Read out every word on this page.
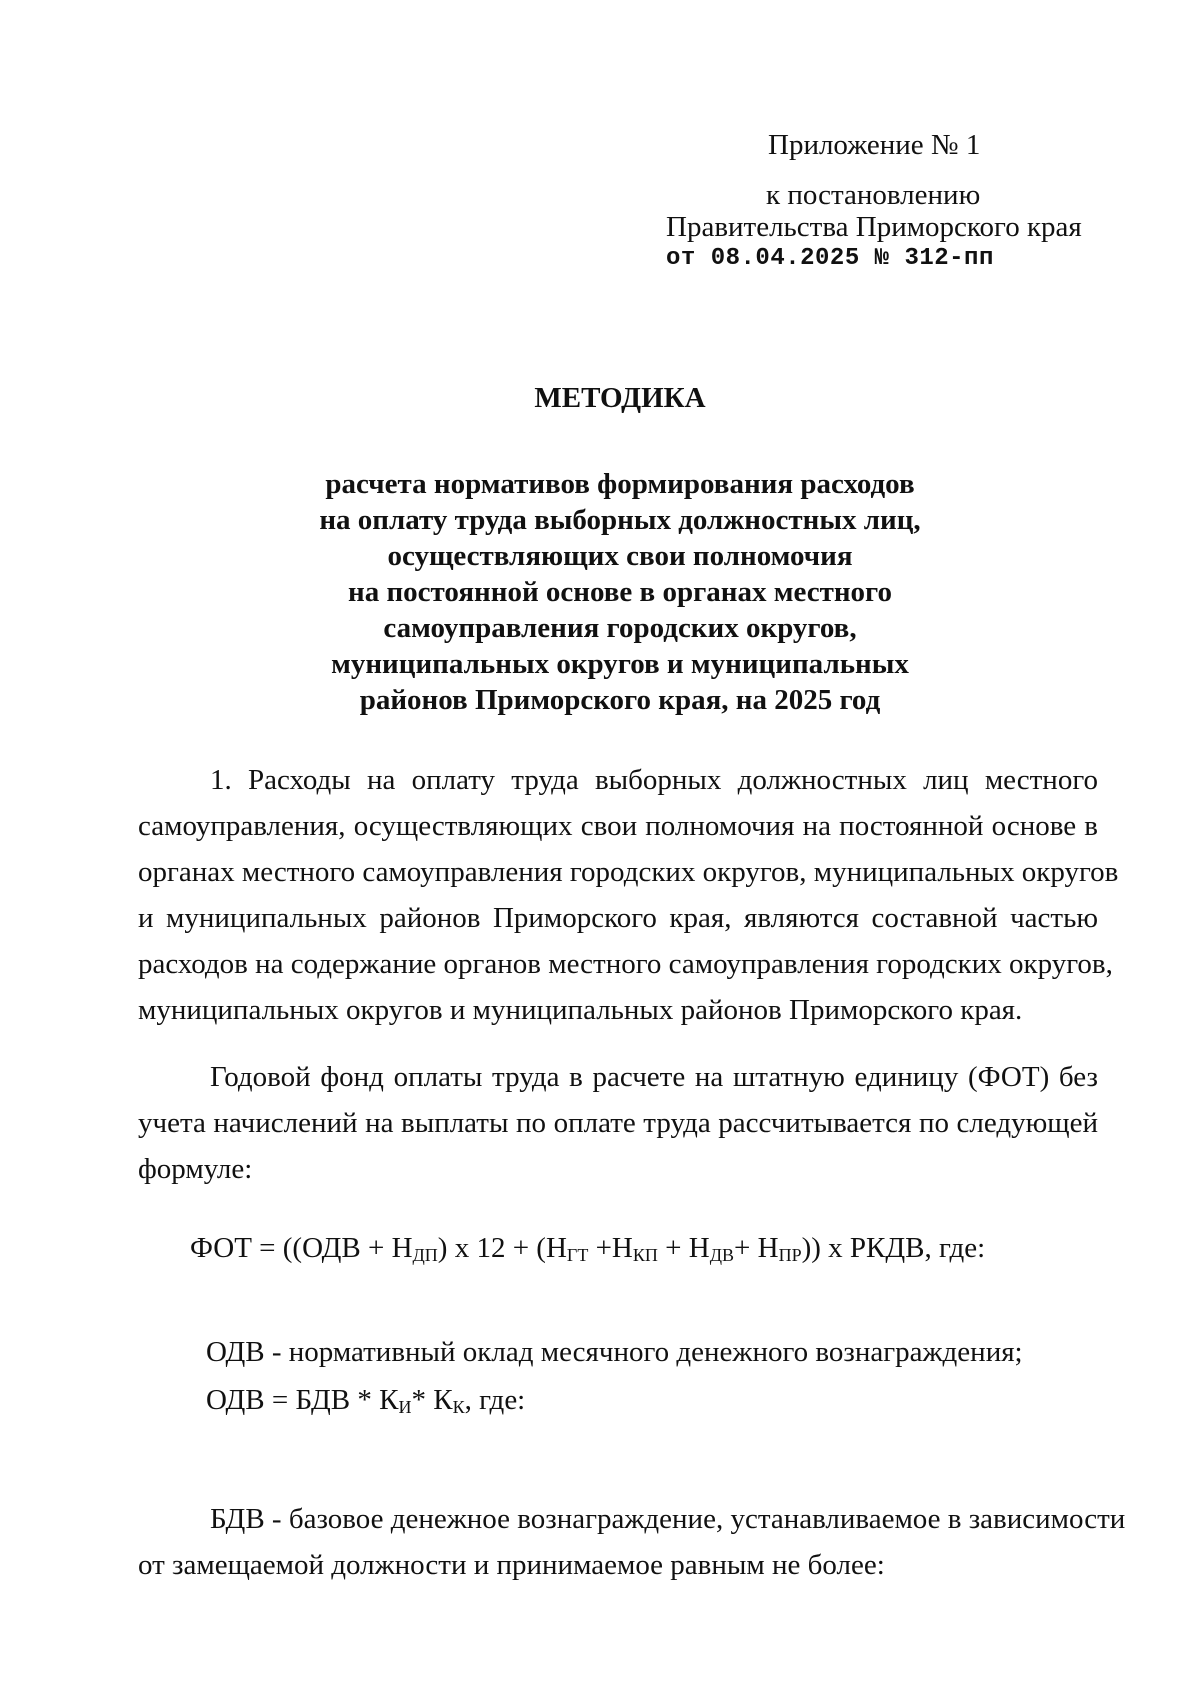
Приложение № 1
к постановлению
Правительства Приморского края
от 08.04.2025 № 312-пп
МЕТОДИКА
расчета нормативов формирования расходов
на оплату труда выборных должностных лиц,
осуществляющих свои полномочия
на постоянной основе в органах местного
самоуправления городских округов,
муниципальных округов и муниципальных
районов Приморского края, на 2025 год
1. Расходы на оплату труда выборных должностных лиц местного
самоуправления, осуществляющих свои полномочия на постоянной основе в
органах местного самоуправления городских округов, муниципальных округов
и муниципальных районов Приморского края, являются составной частью
расходов на содержание органов местного самоуправления городских округов,
муниципальных округов и муниципальных районов Приморского края.
Годовой фонд оплаты труда в расчете на штатную единицу (ФОТ) без
учета начислений на выплаты по оплате труда рассчитывается по следующей
формуле:
ФОТ = ($(ОДВ + Н_{ДП})$ х $12 + (Н_{ГТ} +Н_{КП} + Н_{ДВ}+ Н_{ПР})$) х РКДВ, где:
ОДВ - нормативный оклад месячного денежного вознаграждения;
ОДВ = БДВ * $К_И*$ $К_К$, где:
БДВ - базовое денежное вознаграждение, устанавливаемое в зависимости
от замещаемой должности и принимаемое равным не более:
